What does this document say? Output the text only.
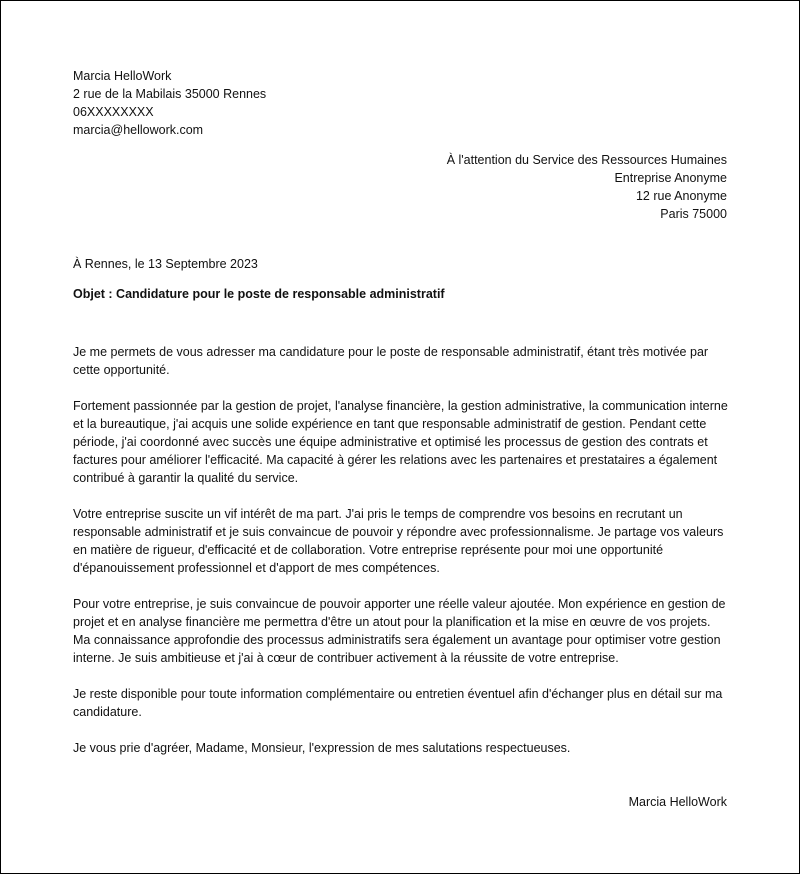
Marcia HelloWork
2 rue de la Mabilais 35000 Rennes
06XXXXXXXX
marcia@hellowork.com
À l'attention du Service des Ressources Humaines
Entreprise Anonyme
12 rue Anonyme
Paris 75000
À Rennes, le 13 Septembre 2023
Objet : Candidature pour le poste de responsable administratif

Je me permets de vous adresser ma candidature pour le poste de responsable administratif, étant très motivée par cette opportunité.

Fortement passionnée par la gestion de projet, l'analyse financière, la gestion administrative, la communication interne et la bureautique, j'ai acquis une solide expérience en tant que responsable administratif de gestion. Pendant cette période, j'ai coordonné avec succès une équipe administrative et optimisé les processus de gestion des contrats et factures pour améliorer l'efficacité. Ma capacité à gérer les relations avec les partenaires et prestataires a également contribué à garantir la qualité du service.

Votre entreprise suscite un vif intérêt de ma part. J'ai pris le temps de comprendre vos besoins en recrutant un responsable administratif et je suis convaincue de pouvoir y répondre avec professionnalisme. Je partage vos valeurs en matière de rigueur, d'efficacité et de collaboration. Votre entreprise représente pour moi une opportunité d'épanouissement professionnel et d'apport de mes compétences.

Pour votre entreprise, je suis convaincue de pouvoir apporter une réelle valeur ajoutée. Mon expérience en gestion de projet et en analyse financière me permettra d'être un atout pour la planification et la mise en œuvre de vos projets. Ma connaissance approfondie des processus administratifs sera également un avantage pour optimiser votre gestion interne. Je suis ambitieuse et j'ai à cœur de contribuer activement à la réussite de votre entreprise.

Je reste disponible pour toute information complémentaire ou entretien éventuel afin d'échanger plus en détail sur ma candidature.

Je vous prie d'agréer, Madame, Monsieur, l'expression de mes salutations respectueuses.

Marcia HelloWork
